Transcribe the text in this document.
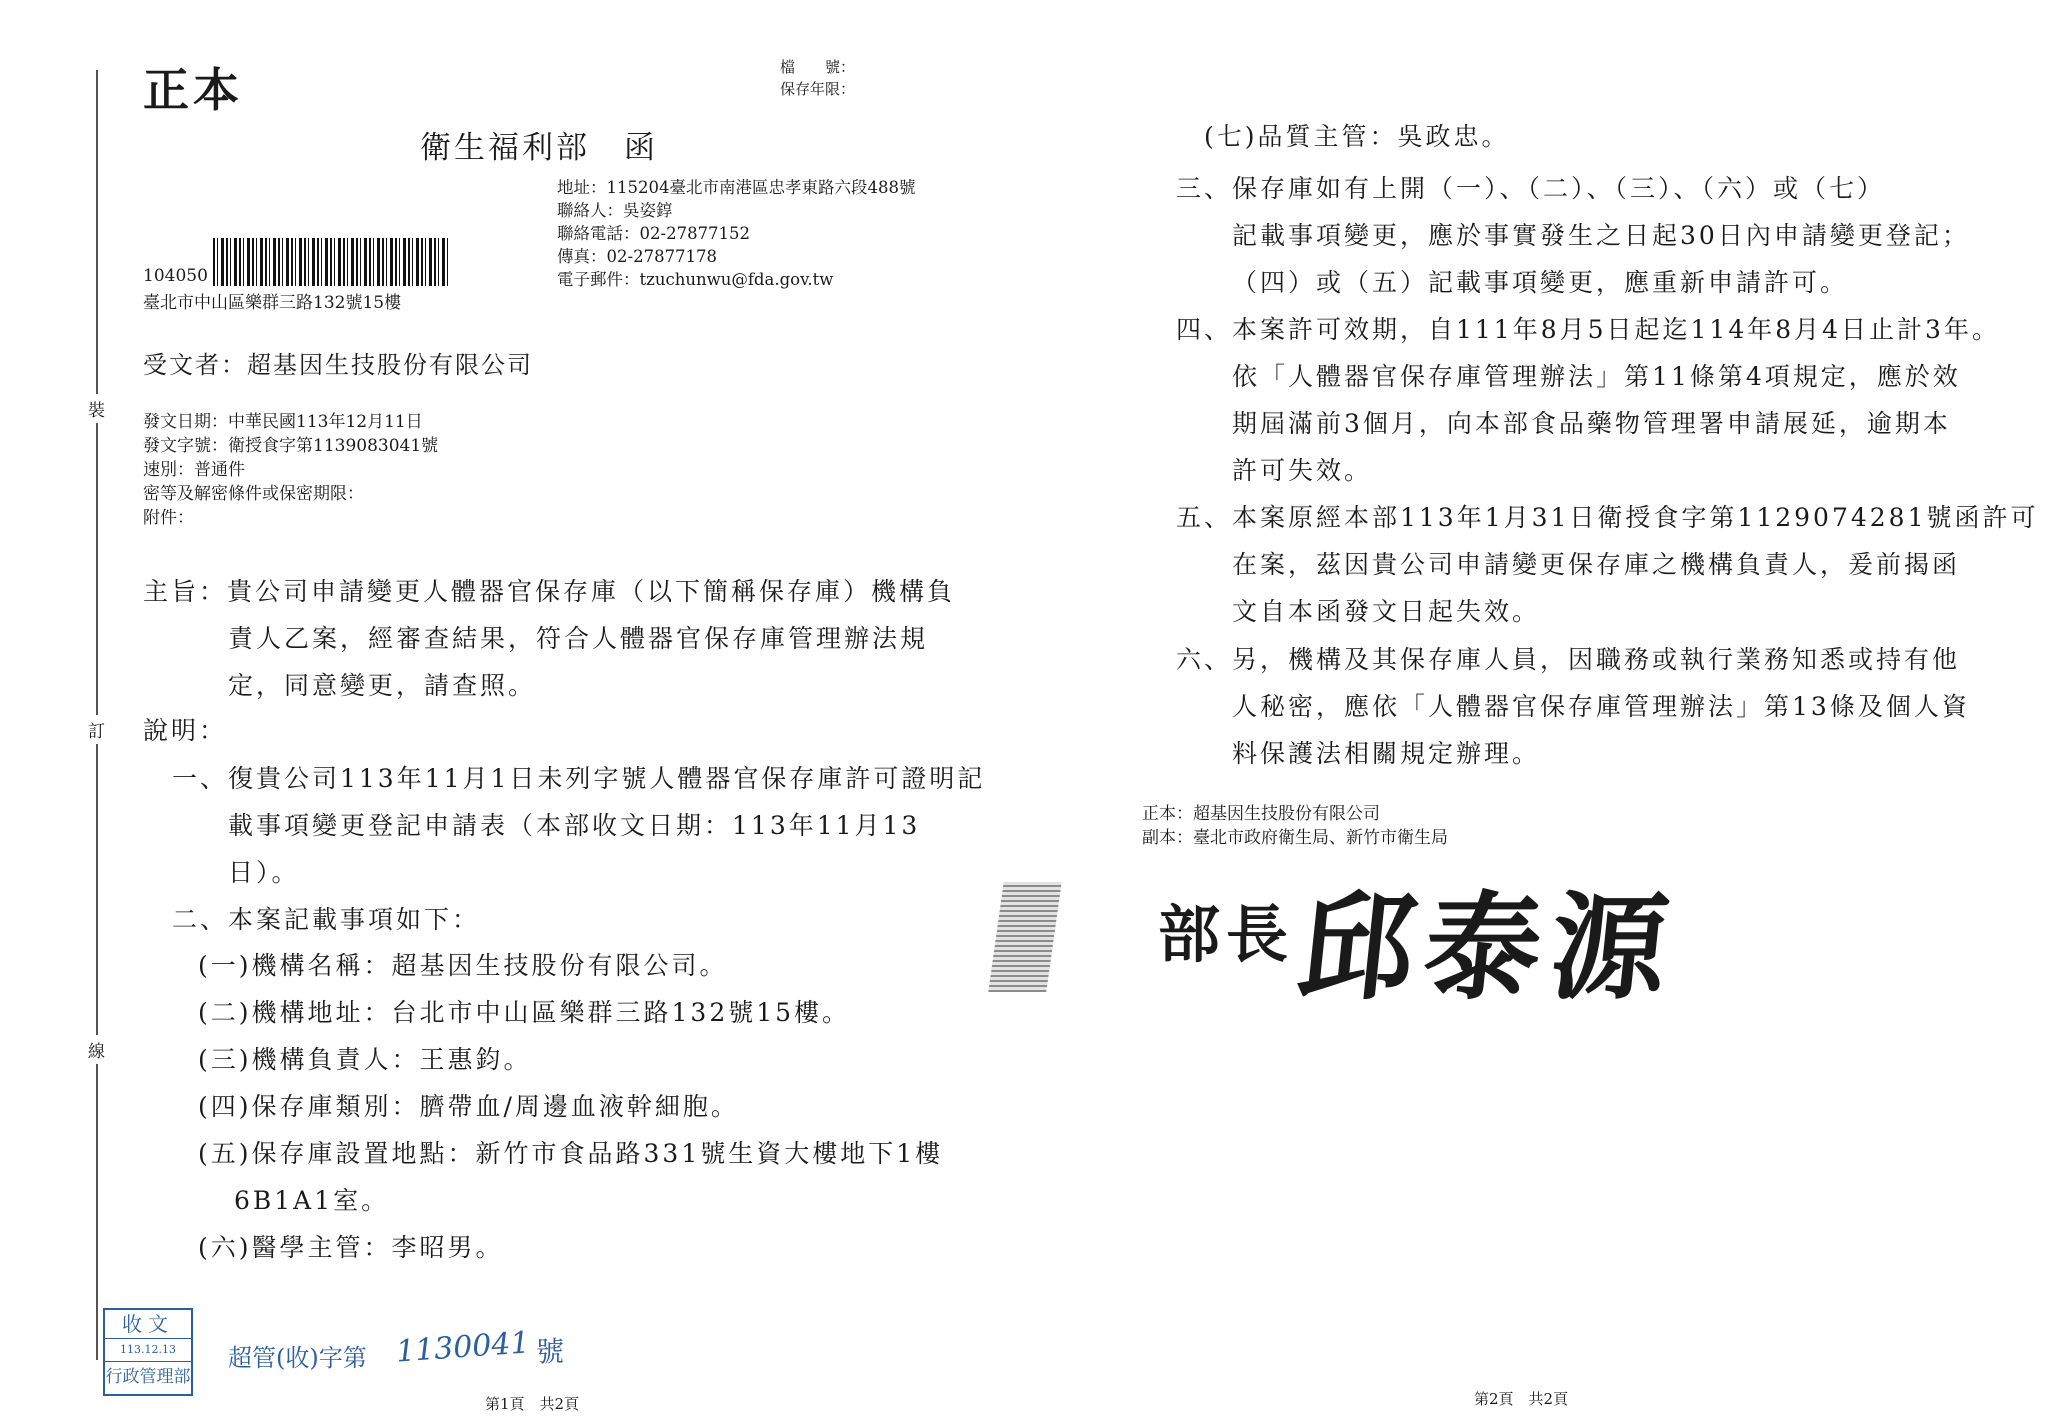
裝
訂
線
正本	檔　　號：
保存年限：
衛生福利部　函
地址：115204臺北市南港區忠孝東路六段488號
聯絡人：吳姿錞
聯絡電話：02-27877152
傳真：02-27877178
電子郵件：tzuchunwu@fda.gov.tw
104050
臺北市中山區樂群三路132號15樓
受文者：超基因生技股份有限公司
發文日期：中華民國113年12月11日
發文字號：衛授食字第1139083041號
速別：普通件
密等及解密條件或保密期限：
附件：
主旨：貴公司申請變更人體器官保存庫（以下簡稱保存庫）機構負
責人乙案，經審查結果，符合人體器官保存庫管理辦法規
定，同意變更，請查照。
說明：
一、復貴公司113年11月1日未列字號人體器官保存庫許可證明記
載事項變更登記申請表（本部收文日期：113年11月13
日）。
二、本案記載事項如下：
(一)機構名稱：超基因生技股份有限公司。
(二)機構地址：台北市中山區樂群三路132號15樓。
(三)機構負責人：王惠鈞。
(四)保存庫類別：臍帶血/周邊血液幹細胞。
(五)保存庫設置地點：新竹市食品路331號生資大樓地下1樓
6B1A1室。
(六)醫學主管：李昭男。
收文
113.12.13
行政管理部
超管(收)字第 1130041 號
第1頁　共2頁
(七)品質主管：吳政忠。
三、保存庫如有上開（一）、（二）、（三）、（六）或（七）
記載事項變更，應於事實發生之日起30日內申請變更登記；
（四）或（五）記載事項變更，應重新申請許可。
四、本案許可效期，自111年8月5日起迄114年8月4日止計3年。
依「人體器官保存庫管理辦法」第11條第4項規定，應於效
期屆滿前3個月，向本部食品藥物管理署申請展延，逾期本
許可失效。
五、本案原經本部113年1月31日衛授食字第1129074281號函許可
在案，茲因貴公司申請變更保存庫之機構負責人，爰前揭函
文自本函發文日起失效。
六、另，機構及其保存庫人員，因職務或執行業務知悉或持有他
人秘密，應依「人體器官保存庫管理辦法」第13條及個人資
料保護法相關規定辦理。
正本：超基因生技股份有限公司
副本：臺北市政府衛生局、新竹市衛生局
部長
邱泰源
第2頁　共2頁
